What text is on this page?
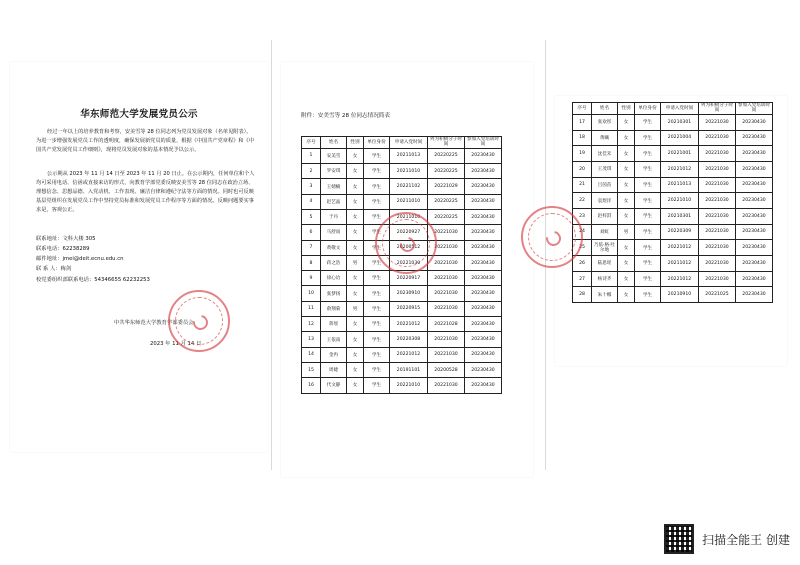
华东师范大学发展党员公示

经过一年以上的培养教育和考察，安美雪等 28 位同志列为党员发展对象（名单见附表）。为进一步增强发展党员工作的透明度，确保发展新党员的质量，根据《中国共产党章程》和《中国共产党发展党员工作细则》，现将党员发展对象的基本情况予以公示。

公示期从 2023 年 11 月 14 日至 2023 年 11 月 20 日止。在公示期内，任何单位和个人均可采用电话、信函或直接来访的形式，向教育学部党委反映安美雪等 28 位同志在政治立场、理想信念、思想品德、入党动机、工作表现、廉洁自律和遵纪守法等方面的情况。同时也可反映基层党组织在发展党员工作中坚持党员标准和发展党员工作程序等方面的情况。反映问题要实事求是，客观公正。

联系地址：文科大楼 305
联系电话：62238289
邮件地址：jmei@deit.ecnu.edu.cn
联 系 人：梅剑
校党委组织部联系电话：54346655 62232253
中共华东师范大学教育学部委员会
2023 年 11 月 14 日
附件：安美雪等 28 位同志情况简表
序号	姓名	性别	单位身份	申请入党时间	列为积极分子时间	参加入党培训时间
1	安美雪	女	学生	20211013	20220225	20230430
2	罗安琪	女	学生	20211010	20220225	20230430
3	王婧楠	女	学生	20221102	20221029	20230430
4	赵艺晶	女	学生	20211010	20220225	20230430
5	于丹	女	学生	20211010	20220225	20230430
6	马舒雨	女	学生	20220927	20221030	20230430
7	黄敬文	女	学生	20200512	20221030	20230430
8	蒋之浩	男	学生	20221030	20221030	20230430
9	徐心诒	女	学生	20220917	20221030	20230430
10	张梦扬	女	学生	20230910	20221030	20230430
11	俞翔菊	男	学生	20220915	20221030	20230430
12	蒋瑶	女	学生	20221012	20221028	20230430
13	王依南	女	学生	20220308	20221030	20230430
14	金冉	女	学生	20221012	20221030	20230430
15	周婕	女	学生	20191101	20200528	20230430
16	代文静	女	学生	20221010	20221030	20230430
序号	姓名	性别	单位身份	申请入党时间	列为积极分子时间	参加入党培训时间
17	张欢彤	女	学生	20210301	20221030	20230430
18	黄曦	女	学生	20221004	20221030	20230430
19	沈佳禾	女	学生	20221001	20221030	20230430
20	王茂琪	女	学生	20221012	20221030	20230430
21	吕茵苗	女	学生	20211013	20221030	20230430
22	袁煜洋	女	学生	20221010	20221030	20230430
23	赵梓淇	女	学生	20210301	20221030	20230430
24	刘虹	男	学生	20220309	20221030	20230430
25	乃依·格·吐尔地	女	学生	20221012	20221030	20230430
26	陆思瑶	女	学生	20211012	20221030	20230430
27	杨诗齐	女	学生	20221012	20221030	20230430
28	朱十娜	女	学生	20210910	20221025	20230430
扫描全能王 创建
